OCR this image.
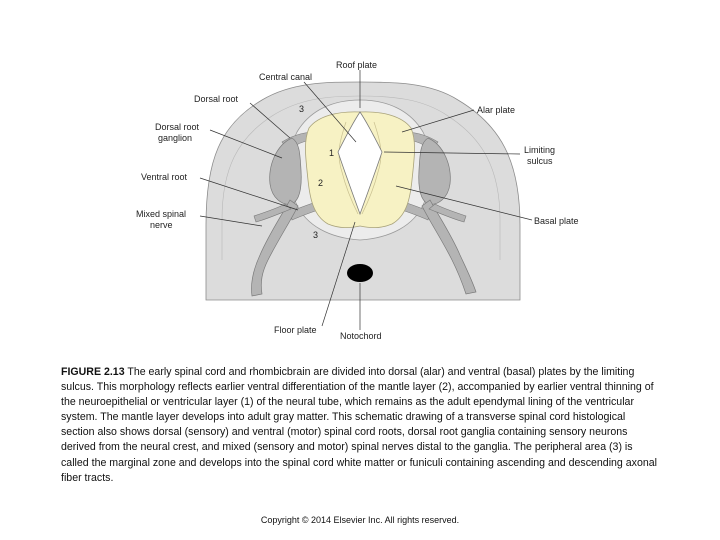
Roof plate
Central canal
Dorsal root
Dorsal root
ganglion
Ventral root
Mixed spinal
nerve
Alar plate
Limiting
sulcus
Basal plate
Floor plate
Notochord
3
1
2
3

FIGURE 2.13 The early spinal cord and rhombicbrain are divided into dorsal (alar) and ventral (basal) plates by the limiting sulcus. This morphology reflects earlier ventral differentiation of the mantle layer (2), accompanied by earlier ventral thinning of the neuroepithelial or ventricular layer (1) of the neural tube, which remains as the adult ependymal lining of the ventricular system. The mantle layer develops into adult gray matter. This schematic drawing of a transverse spinal cord histological section also shows dorsal (sensory) and ventral (motor) spinal cord roots, dorsal root ganglia containing sensory neurons derived from the neural crest, and mixed (sensory and motor) spinal nerves distal to the ganglia. The peripheral area (3) is called the marginal zone and develops into the spinal cord white matter or funiculi containing ascending and descending axonal fiber tracts.

Copyright © 2014 Elsevier Inc. All rights reserved.
